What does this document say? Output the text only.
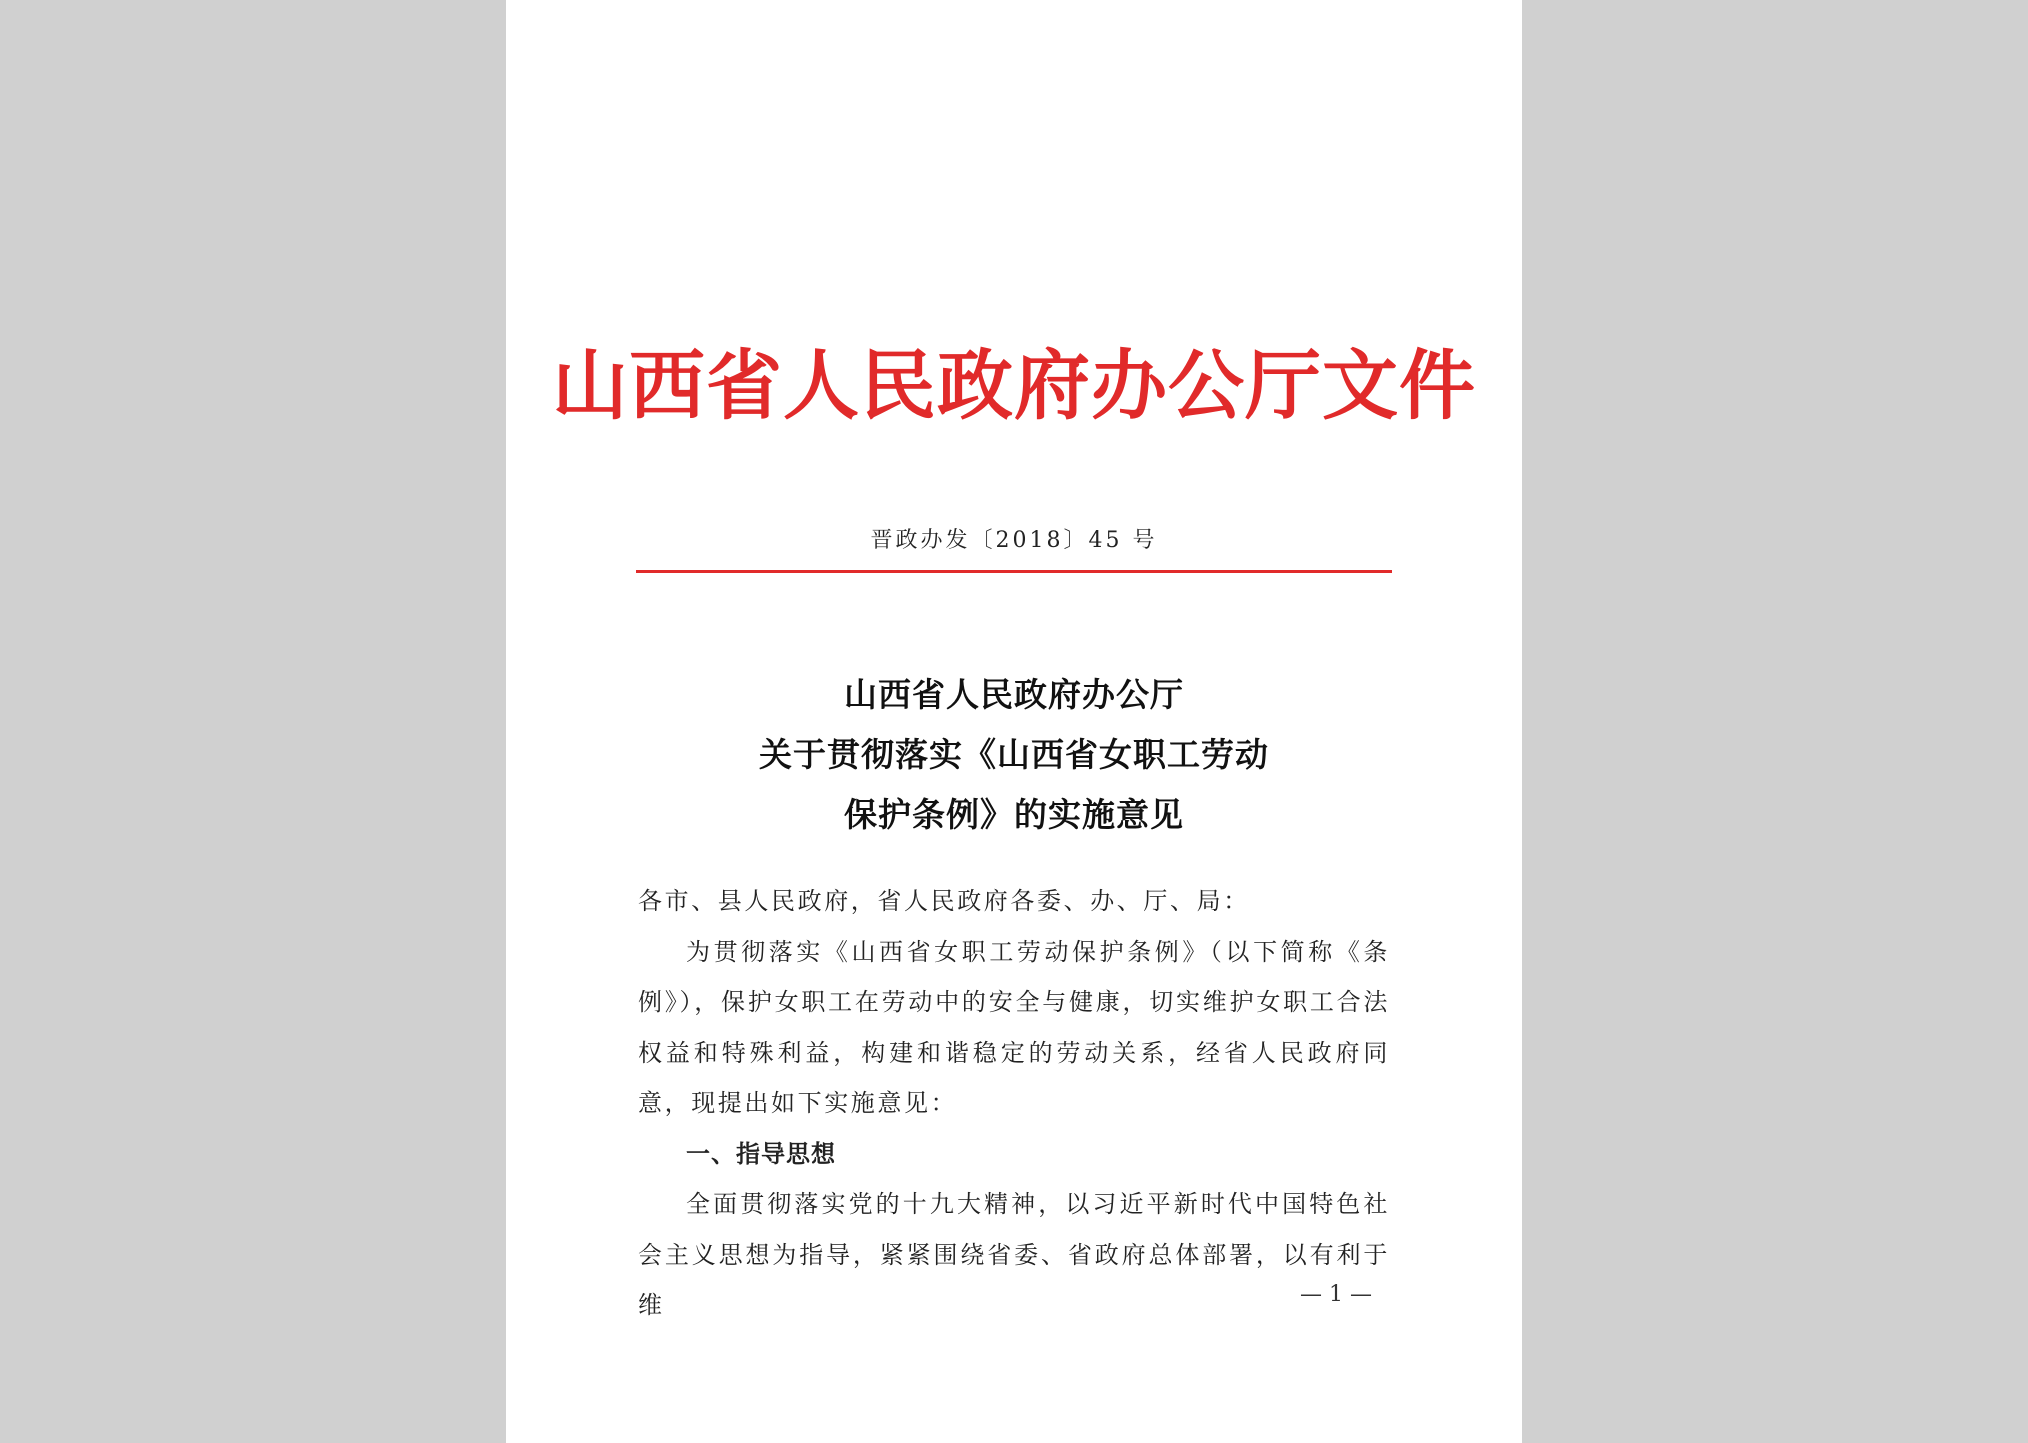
山西省人民政府办公厅文件
晋政办发〔2018〕45 号
山西省人民政府办公厅
关于贯彻落实《山西省女职工劳动
保护条例》的实施意见

各市、县人民政府，省人民政府各委、办、厅、局：

为贯彻落实《山西省女职工劳动保护条例》（以下简称《条例》），保护女职工在劳动中的安全与健康，切实维护女职工合法权益和特殊利益，构建和谐稳定的劳动关系，经省人民政府同意，现提出如下实施意见：

一、指导思想

全面贯彻落实党的十九大精神，以习近平新时代中国特色社会主义思想为指导，紧紧围绕省委、省政府总体部署，以有利于维	— 1 —
